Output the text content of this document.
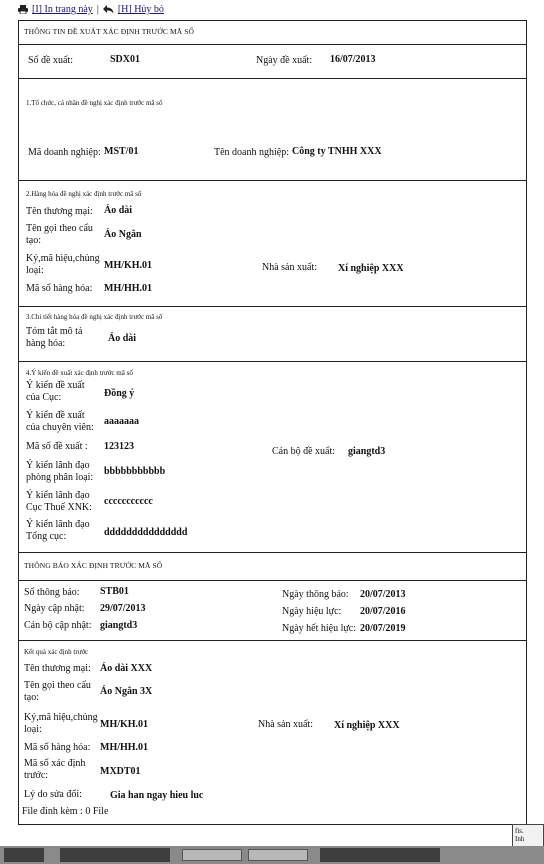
[I] In trang này | [H] Hủy bỏ
THÔNG TIN ĐỀ XUẤT XÁC ĐỊNH TRƯỚC MÃ SỐ
Số đề xuất:	SDX01	Ngày đề xuất: 16/07/2013
1.Tổ chức, cá nhân đề nghị xác định trước mã số
Mã doanh nghiệp: MST/01	Tên doanh nghiệp: Công ty TNHH XXX
2.Hàng hóa đề nghị xác định trước mã số
Tên thương mại: Áo dài
Tên gọi theo cấu
tạo:
Áo Ngắn
Ký,mã hiệu,chủng
loại:	MH/KH.01	Nhà sản xuất: Xí nghiệp XXX
Mã số hàng hóa: MH/HH.01
3.Chi tiết hàng hóa đề nghị xác định trước mã số
Tóm tắt mô tả
hàng hóa:	Áo dài
4.Ý kiến đề xuất xác định trước mã số
Ý kiến đề xuất
của Cục:	Đồng ý
Ý kiến đề xuất
của chuyên viên:
aaaaaaa
Mã số đề xuất : 123123	Cán bộ đề xuất: giangtd3
Ý kiến lãnh đạo
phòng phân loại:
bbbbbbbbbbb
Ý kiến lãnh đạo
Cục Thuế XNK:
ccccccccccc
Ý kiến lãnh đạo
Tổng cục:	ddddddddddddddd
THÔNG BÁO XÁC ĐỊNH TRƯỚC MÃ SỐ
Số thông báo: STB01	Ngày thông báo: 20/07/2013
Ngày cập nhật: 29/07/2013	Ngày hiệu lực: 20/07/2016
Cán bộ cập nhật: giangtd3	Ngày hết hiệu lực: 20/07/2019
Kết quả xác định trước
Tên thương mại: Áo dài XXX
Tên gọi theo cấu
tạo:
Áo Ngắn 3X
Ký,mã hiệu,chủng
loại:	MH/KH.01	Nhà sản xuất: Xí nghiệp XXX
Mã số hàng hóa: MH/HH.01
Mã số xác định
trước:	MXDT01
Lý do sửa đổi:	Gia han ngay hieu luc
File đính kèm : 0 File
fis.
Inh
